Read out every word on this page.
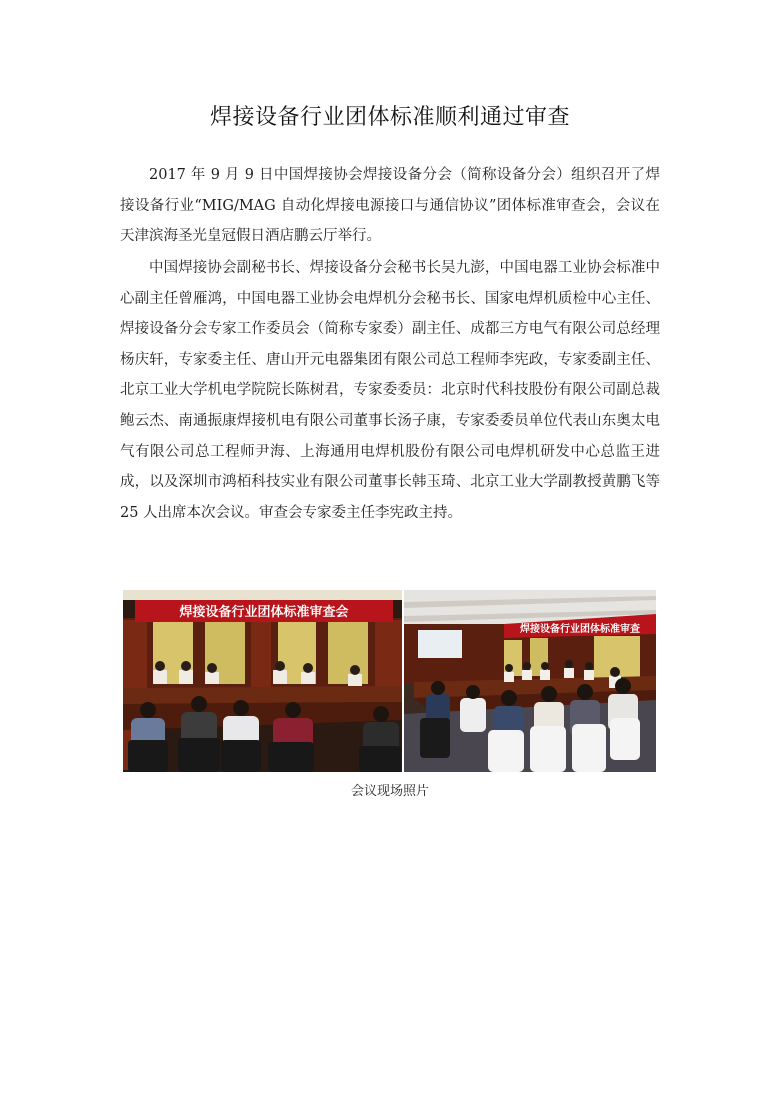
焊接设备行业团体标准顺利通过审查

2017 年 9 月 9 日中国焊接协会焊接设备分会（简称设备分会）组织召开了焊接设备行业“MIG/MAG 自动化焊接电源接口与通信协议”团体标准审查会，会议在天津滨海圣光皇冠假日酒店鹏云厅举行。

中国焊接协会副秘书长、焊接设备分会秘书长吴九澎，中国电器工业协会标准中心副主任曾雁鸿，中国电器工业协会电焊机分会秘书长、国家电焊机质检中心主任、焊接设备分会专家工作委员会（简称专家委）副主任、成都三方电气有限公司总经理杨庆轩，专家委主任、唐山开元电器集团有限公司总工程师李宪政，专家委副主任、北京工业大学机电学院院长陈树君，专家委委员：北京时代科技股份有限公司副总裁鲍云杰、南通振康焊接机电有限公司董事长汤子康，专家委委员单位代表山东奥太电气有限公司总工程师尹海、上海通用电焊机股份有限公司电焊机研发中心总监王进成，以及深圳市鸿栢科技实业有限公司董事长韩玉琦、北京工业大学副教授黄鹏飞等 25 人出席本次会议。审查会专家委主任李宪政主持。

焊接设备行业团体标准审查会
焊接设备行业团体标准审查
会议现场照片
